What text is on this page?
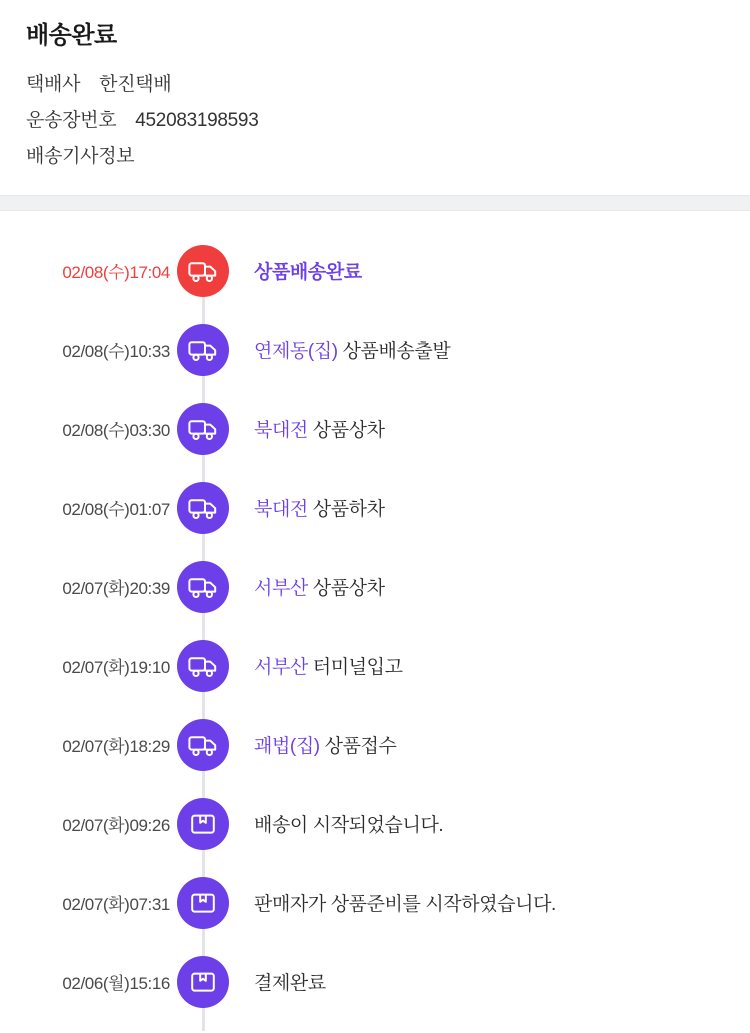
배송완료
택배사 한진택배
운송장번호 452083198593
배송기사정보
02/08(수)17:04	상품배송완료
02/08(수)10:33	연제동(집) 상품배송출발
02/08(수)03:30	북대전 상품상차
02/08(수)01:07	북대전 상품하차
02/07(화)20:39	서부산 상품상차
02/07(화)19:10	서부산 터미널입고
02/07(화)18:29	괘법(집) 상품접수
02/07(화)09:26	배송이 시작되었습니다.
02/07(화)07:31	판매자가 상품준비를 시작하였습니다.
02/06(월)15:16	결제완료
